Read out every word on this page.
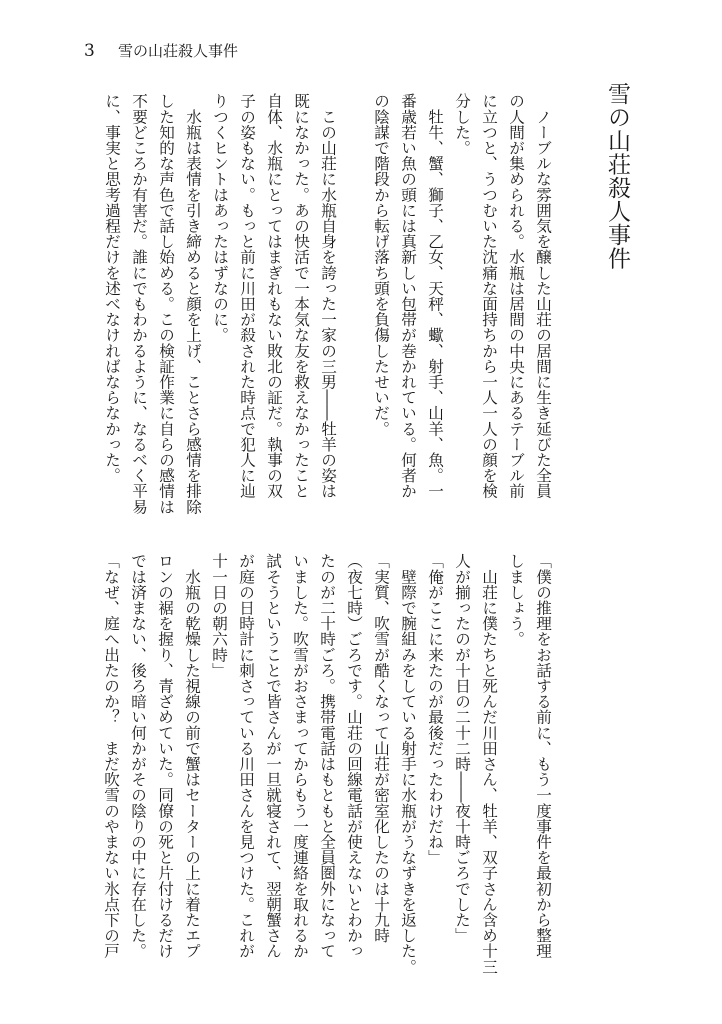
3	雪の山荘殺人事件
雪の山荘殺人事件
　ノーブルな雰囲気を醸した山荘の居間に生き延びた全員
の人間が集められる。水瓶は居間の中央にあるテーブル前
に立つと、うつむいた沈痛な面持ちから一人一人の顔を検
分した。
　牡牛、蟹、獅子、乙女、天秤、蠍、射手、山羊、魚。一
番歳若い魚の頭には真新しい包帯が巻かれている。何者か
の陰謀で階段から転げ落ち頭を負傷したせいだ。
　この山荘に水瓶自身を誇った一家の三男――牡羊の姿は
既になかった。あの快活で一本気な友を救えなかったこと
自体、水瓶にとってはまぎれもない敗北の証だ。執事の双
子の姿もない。もっと前に川田が殺された時点で犯人に辿
りつくヒントはあったはずなのに。
　水瓶は表情を引き締めると顔を上げ、ことさら感情を排除
した知的な声色で話し始める。この検証作業に自らの感情は
不要どころか有害だ。誰にでもわかるように、なるべく平易
に、事実と思考過程だけを述べなければならなかった。
「僕の推理をお話する前に、もう一度事件を最初から整理
しましょう。
　山荘に僕たちと死んだ川田さん、牡羊、双子さん含め十三
人が揃ったのが十日の二十二時――夜十時ごろでした」
「俺がここに来たのが最後だったわけだね」
　壁際で腕組みをしている射手に水瓶がうなずきを返した。
「実質、吹雪が酷くなって山荘が密室化したのは十九時
（夜七時）ごろです。山荘の回線電話が使えないとわかっ
たのが二十時ごろ。携帯電話はもともと全員圏外になって
いました。吹雪がおさまってからもう一度連絡を取れるか
試そうということで皆さんが一旦就寝されて、翌朝蟹さん
が庭の日時計に刺さっている川田さんを見つけた。これが
十一日の朝六時」
　水瓶の乾燥した視線の前で蟹はセーターの上に着たエプ
ロンの裾を握り、青ざめていた。同僚の死と片付けるだけ
では済まない、後ろ暗い何かがその陰りの中に存在した。
「なぜ、庭へ出たのか？　まだ吹雪のやまない氷点下の戸
